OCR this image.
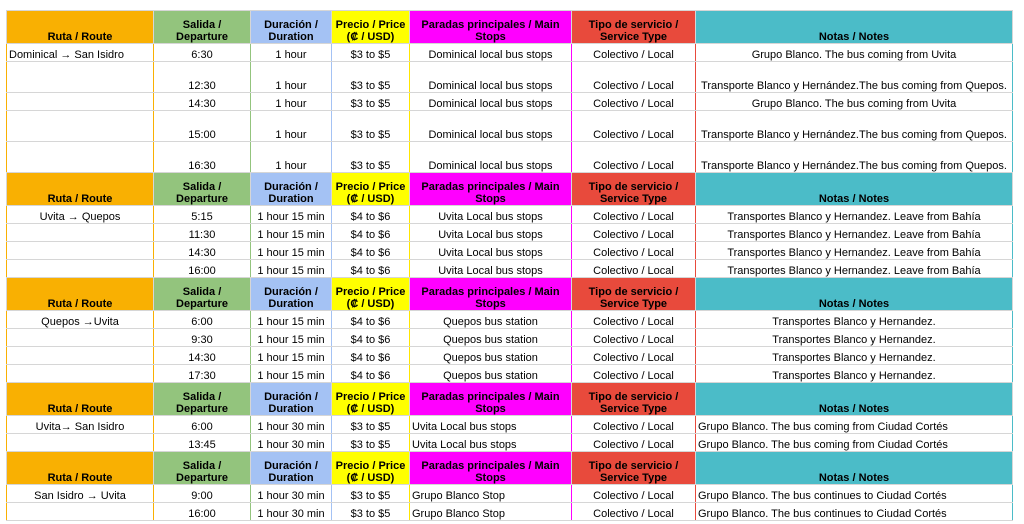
Ruta / Route	Salida / Departure	Duración / Duration	Precio / Price (₡ / USD)	Paradas principales / Main Stops	Tipo de servicio / Service Type	Notas / Notes
Dominical → San Isidro	6:30	1 hour	$3 to $5	Dominical local bus stops	Colectivo / Local	Grupo Blanco. The bus coming from Uvita
	12:30	1 hour	$3 to $5	Dominical local bus stops	Colectivo / Local	Transporte Blanco y Hernández.The bus coming from Quepos.
	14:30	1 hour	$3 to $5	Dominical local bus stops	Colectivo / Local	Grupo Blanco. The bus coming from Uvita
	15:00	1 hour	$3 to $5	Dominical local bus stops	Colectivo / Local	Transporte Blanco y Hernández.The bus coming from Quepos.
	16:30	1 hour	$3 to $5	Dominical local bus stops	Colectivo / Local	Transporte Blanco y Hernández.The bus coming from Quepos.
Ruta / Route	Salida / Departure	Duración / Duration	Precio / Price (₡ / USD)	Paradas principales / Main Stops	Tipo de servicio / Service Type	Notas / Notes
Uvita → Quepos	5:15	1 hour 15 min	$4 to $6	Uvita Local bus stops	Colectivo / Local	Transportes Blanco y Hernandez. Leave from Bahía
	11:30	1 hour 15 min	$4 to $6	Uvita Local bus stops	Colectivo / Local	Transportes Blanco y Hernandez. Leave from Bahía
	14:30	1 hour 15 min	$4 to $6	Uvita Local bus stops	Colectivo / Local	Transportes Blanco y Hernandez. Leave from Bahía
	16:00	1 hour 15 min	$4 to $6	Uvita Local bus stops	Colectivo / Local	Transportes Blanco y Hernandez. Leave from Bahía
Ruta / Route	Salida / Departure	Duración / Duration	Precio / Price (₡ / USD)	Paradas principales / Main Stops	Tipo de servicio / Service Type	Notas / Notes
Quepos →Uvita	6:00	1 hour 15 min	$4 to $6	Quepos bus station	Colectivo / Local	Transportes Blanco y Hernandez.
	9:30	1 hour 15 min	$4 to $6	Quepos bus station	Colectivo / Local	Transportes Blanco y Hernandez.
	14:30	1 hour 15 min	$4 to $6	Quepos bus station	Colectivo / Local	Transportes Blanco y Hernandez.
	17:30	1 hour 15 min	$4 to $6	Quepos bus station	Colectivo / Local	Transportes Blanco y Hernandez.
Ruta / Route	Salida / Departure	Duración / Duration	Precio / Price (₡ / USD)	Paradas principales / Main Stops	Tipo de servicio / Service Type	Notas / Notes
Uvita→ San Isidro	6:00	1 hour 30 min	$3 to $5	Uvita Local bus stops	Colectivo / Local	Grupo Blanco. The bus coming from Ciudad Cortés
	13:45	1 hour 30 min	$3 to $5	Uvita Local bus stops	Colectivo / Local	Grupo Blanco. The bus coming from Ciudad Cortés
Ruta / Route	Salida / Departure	Duración / Duration	Precio / Price (₡ / USD)	Paradas principales / Main Stops	Tipo de servicio / Service Type	Notas / Notes
San Isidro → Uvita	9:00	1 hour 30 min	$3 to $5	Grupo Blanco Stop	Colectivo / Local	Grupo Blanco. The bus continues to Ciudad Cortés
	16:00	1 hour 30 min	$3 to $5	Grupo Blanco Stop	Colectivo / Local	Grupo Blanco. The bus continues to Ciudad Cortés
